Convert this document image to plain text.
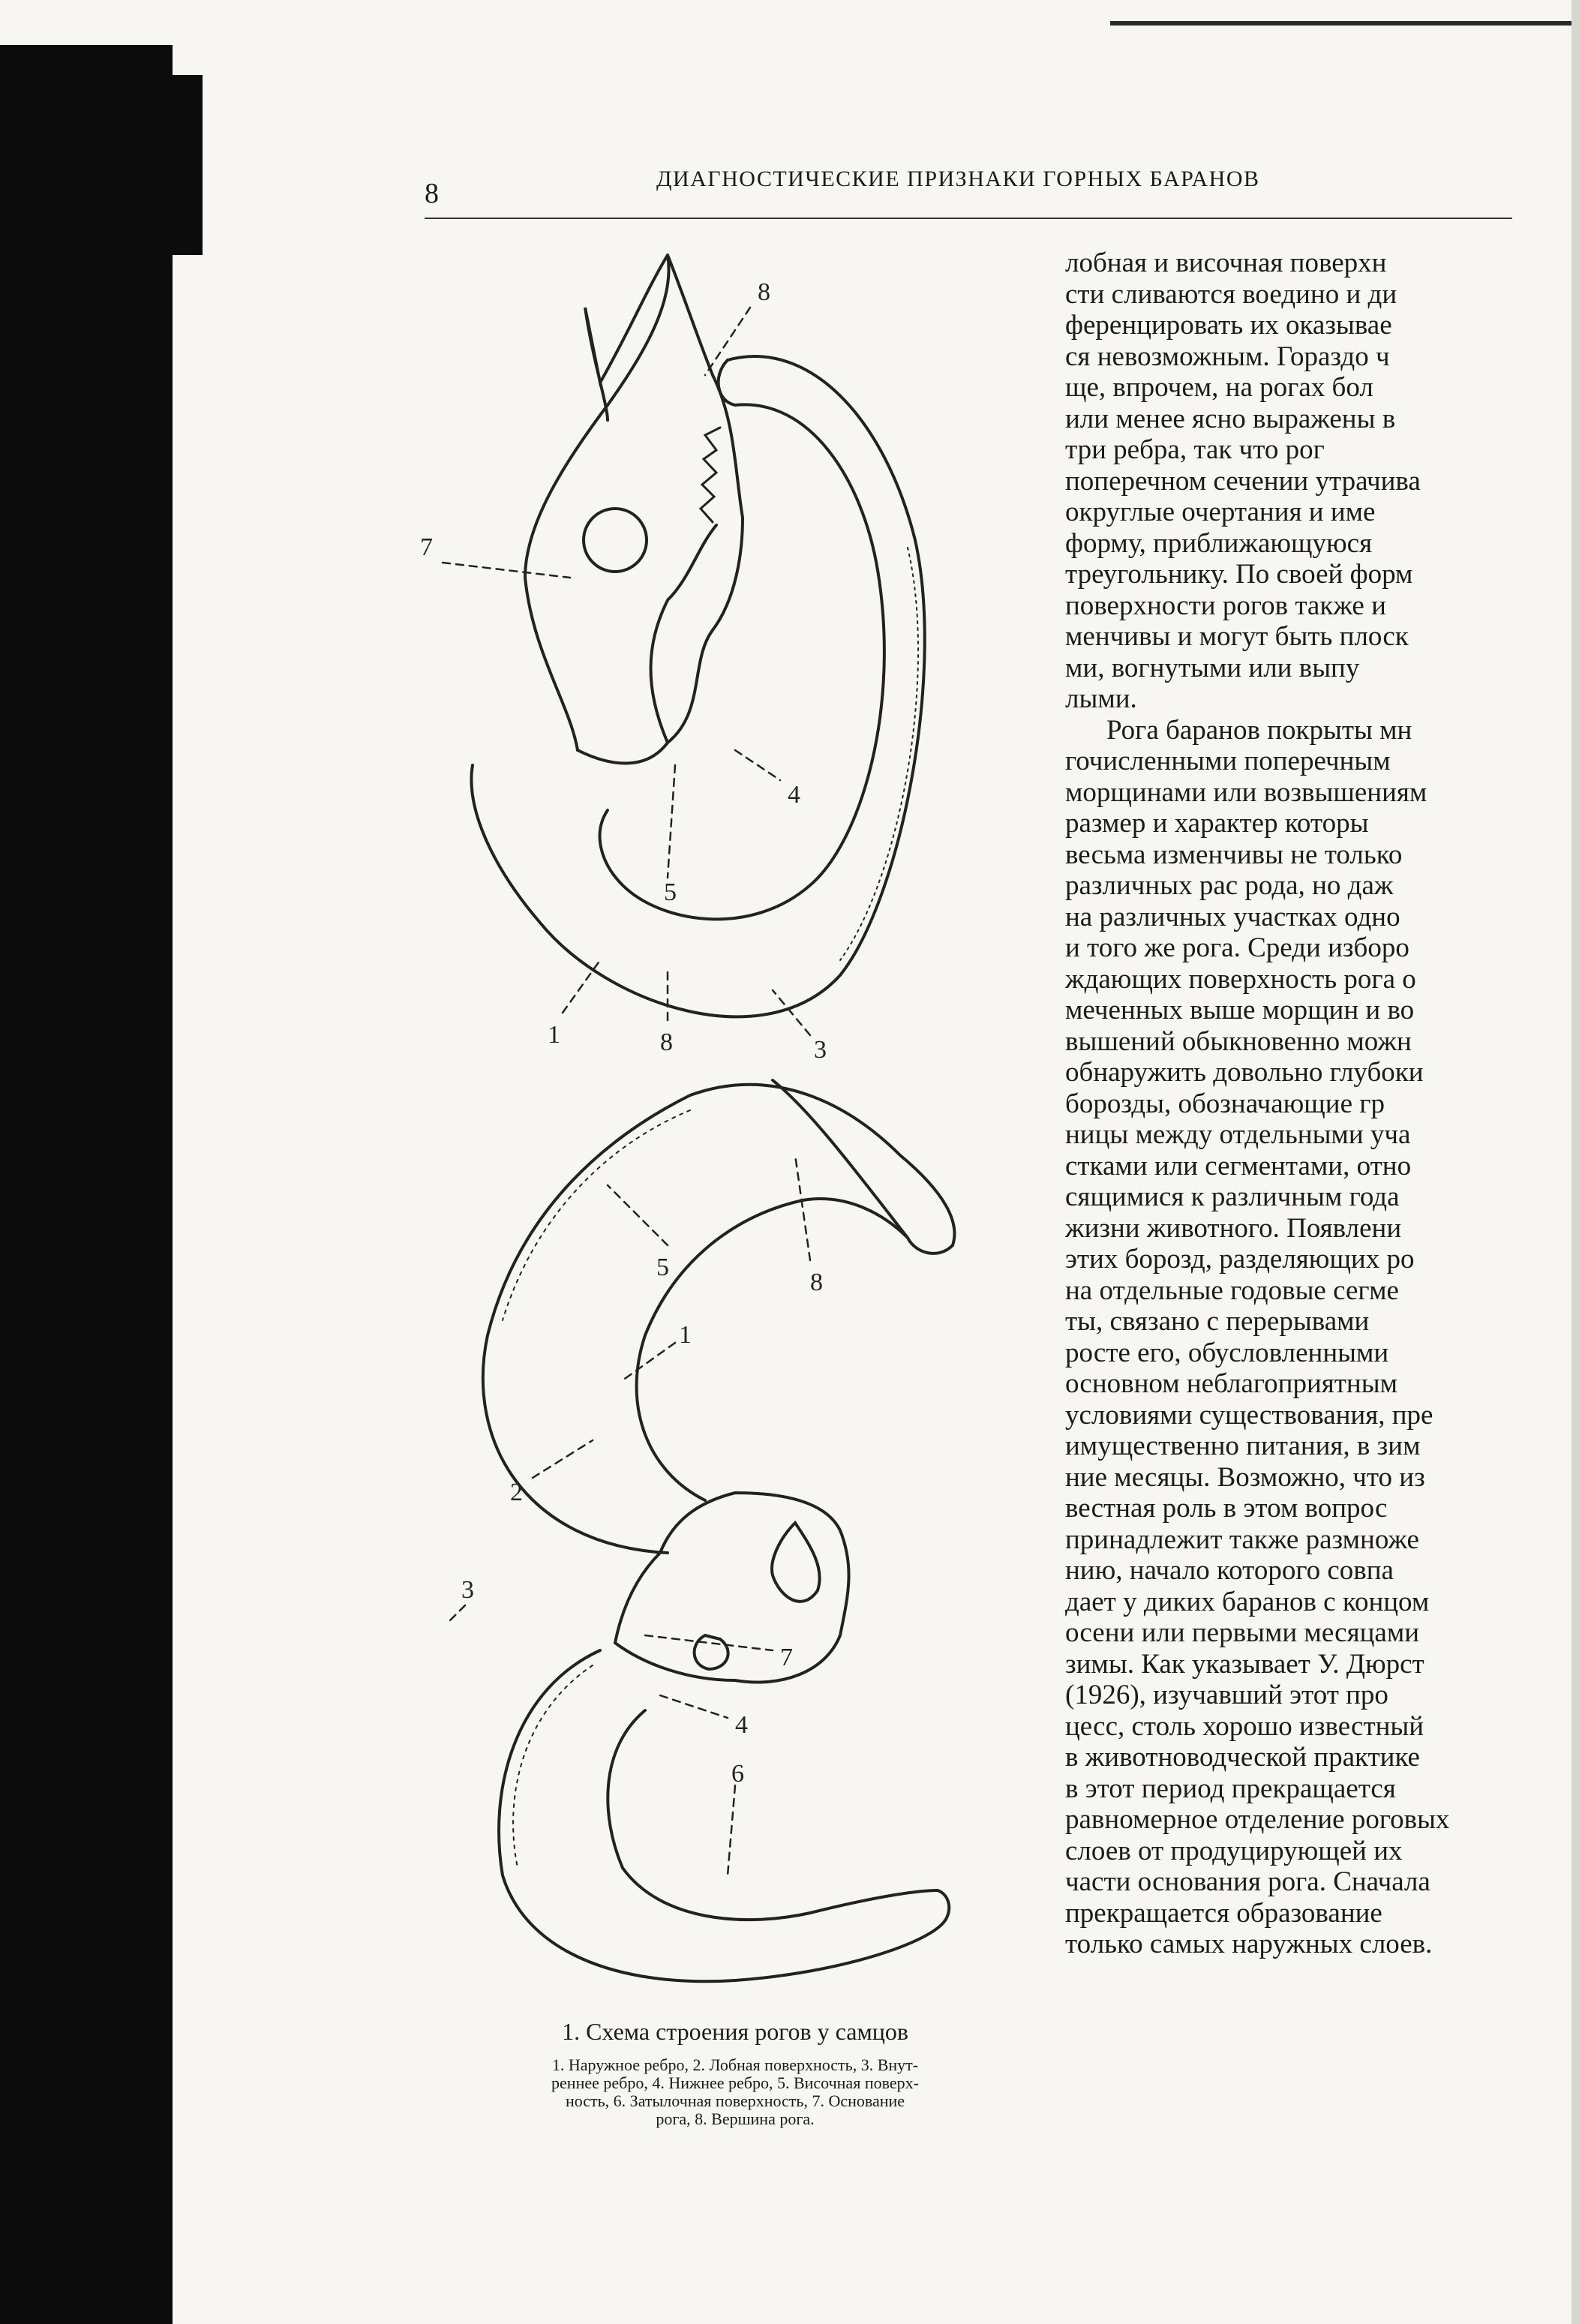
8	ДИАГНОСТИЧЕСКИЕ ПРИЗНАКИ ГОРНЫХ БАРАНОВ
8
7
5
4
1	8	3
8
5
1
2
3
7
4
6
1. Схема строения рогов у самцов
1. Наружное ребро, 2. Лобная поверхность, 3. Внут-
реннее ребро, 4. Нижнее ребро, 5. Височная поверх-
ность, 6. Затылочная поверхность, 7. Основание
рога, 8. Вершина рога.

лобная и височная поверхн

сти сливаются воедино и ди

ференцировать их оказывае

ся невозможным. Гораздо ч

ще, впрочем, на рогах бол

или менее ясно выражены в

три ребра, так что рог

поперечном сечении утрачива

округлые очертания и име

форму, приближающуюся

треугольнику. По своей форм

поверхности рогов также и

менчивы и могут быть плоск

ми, вогнутыми или выпу

лыми.

Рога баранов покрыты мн

гочисленными поперечным

морщинами или возвышениям

размер и характер которы

весьма изменчивы не только

различных рас рода, но даж

на различных участках одно

и того же рога. Среди изборо

ждающих поверхность рога о

меченных выше морщин и во

вышений обыкновенно можн

обнаружить довольно глубоки

борозды, обозначающие гр

ницы между отдельными уча

стками или сегментами, отно

сящимися к различным года

жизни животного. Появлени

этих борозд, разделяющих ро

на отдельные годовые сегме

ты, связано с перерывами

росте его, обусловленными

основном неблагоприятным

условиями существования, пре

имущественно питания, в зим

ние месяцы. Возможно, что из

вестная роль в этом вопрос

принадлежит также размноже

нию, начало которого совпа

дает у диких баранов с концом

осени или первыми месяцами

зимы. Как указывает У. Дюрст

(1926), изучавший этот про

цесс, столь хорошо известный

в животноводческой практике

в этот период прекращается

равномерное отделение роговых

слоев от продуцирующей их

части основания рога. Сначала

прекращается образование

только самых наружных слоев.
